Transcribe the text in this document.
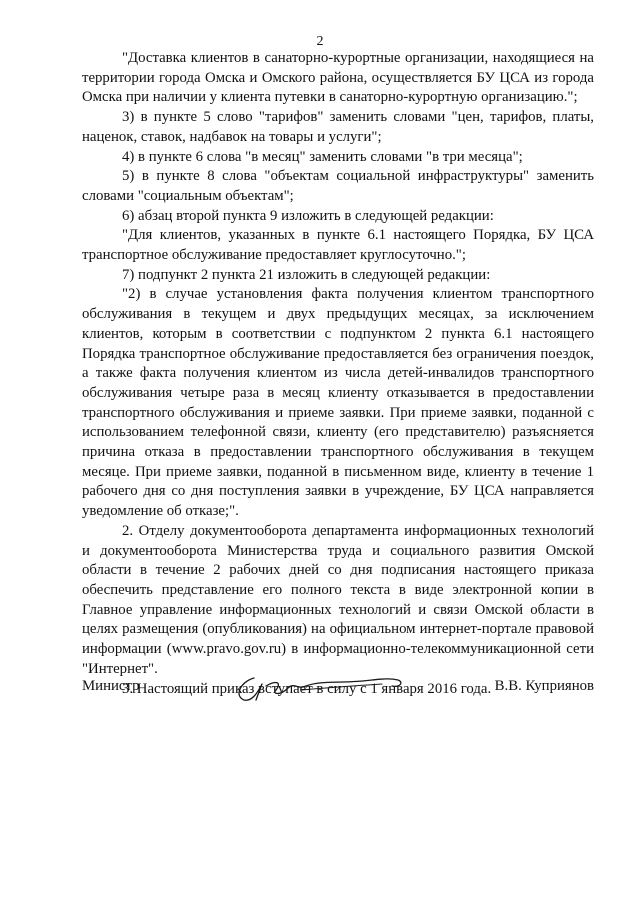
2

"Доставка клиентов в санаторно-курортные организации, находящиеся на территории города Омска и Омского района, осуществляется БУ ЦСА из города Омска при наличии у клиента путевки в санаторно-курортную организацию.";

3) в пункте 5 слово "тарифов" заменить словами "цен, тарифов, платы, наценок, ставок, надбавок на товары и услуги";

4) в пункте 6 слова "в месяц" заменить словами "в три месяца";

5) в пункте 8 слова "объектам социальной инфраструктуры" заменить словами "социальным объектам";

6) абзац второй пункта 9 изложить в следующей редакции:

"Для клиентов, указанных в пункте 6.1 настоящего Порядка, БУ ЦСА транспортное обслуживание предоставляет круглосуточно.";

7) подпункт 2 пункта 21 изложить в следующей редакции:

"2) в случае установления факта получения клиентом транспортного обслуживания в текущем и двух предыдущих месяцах, за исключением клиентов, которым в соответствии с подпунктом 2 пункта 6.1 настоящего Порядка транспортное обслуживание предоставляется без ограничения поездок, а также факта получения клиентом из числа детей-инвалидов транспортного обслуживания четыре раза в месяц клиенту отказывается в предоставлении транспортного обслуживания и приеме заявки. При приеме заявки, поданной с использованием телефонной связи, клиенту (его представителю) разъясняется причина отказа в предоставлении транспортного обслуживания в текущем месяце. При приеме заявки, поданной в письменном виде, клиенту в течение 1 рабочего дня со дня поступления заявки в учреждение, БУ ЦСА направляется уведомление об отказе;".

2. Отделу документооборота департамента информационных технологий и документооборота Министерства труда и социального развития Омской области в течение 2 рабочих дней со дня подписания настоящего приказа обеспечить представление его полного текста в виде электронной копии в Главное управление информационных технологий и связи Омской области в целях размещения (опубликования) на официальном интернет-портале правовой информации (www.pravo.gov.ru) в информационно-телекоммуникационной сети "Интернет".

3. Настоящий приказ вступает в силу с 1 января 2016 года.

Министр	В.В. Куприянов
